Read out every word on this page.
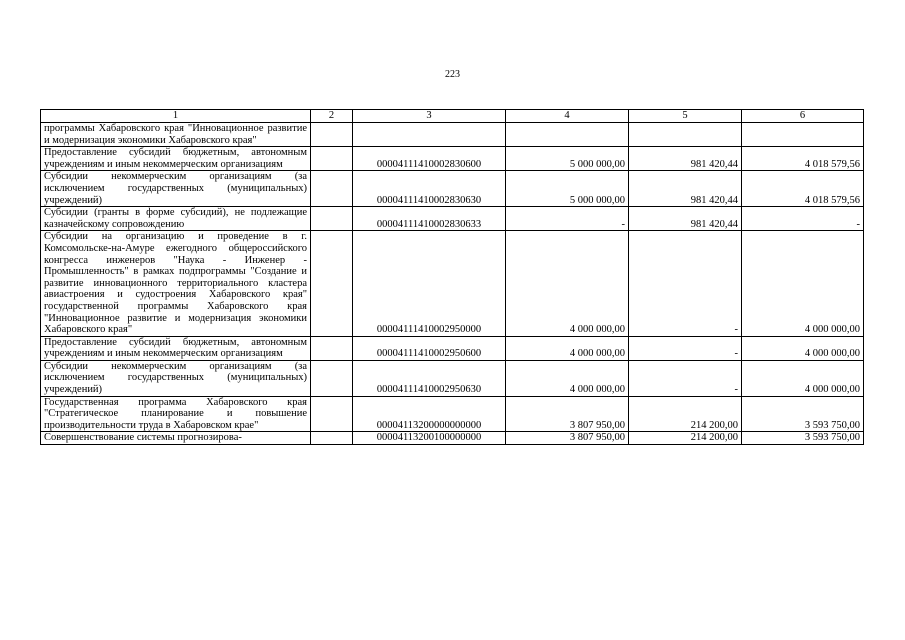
223
1	2	3	4	5	6
программы Хабаровского края "Инновационное развитие и модернизация экономики Хабаровского края"					
Предоставление субсидий бюджетным, автономным учреждениям и иным некоммерческим организациям		00004111410002830600	5 000 000,00	981 420,44	4 018 579,56
Субсидии некоммерческим организациям (за исключением государственных (муниципальных) учреждений)		00004111410002830630	5 000 000,00	981 420,44	4 018 579,56
Субсидии (гранты в форме субсидий), не подлежащие казначейскому сопровождению		00004111410002830633	-	981 420,44	-
Субсидии на организацию и проведение в г. Комсомольске-на-Амуре ежегодного общероссийского конгресса инженеров "Наука - Инженер - Промышленность" в рамках подпрограммы "Создание и развитие инновационного территориального кластера авиастроения и судостроения Хабаровского края" государственной программы Хабаровского края "Инновационное развитие и модернизация экономики Хабаровского края"		00004111410002950000	4 000 000,00	-	4 000 000,00
Предоставление субсидий бюджетным, автономным учреждениям и иным некоммерческим организациям		00004111410002950600	4 000 000,00	-	4 000 000,00
Субсидии некоммерческим организациям (за исключением государственных (муниципальных) учреждений)		00004111410002950630	4 000 000,00	-	4 000 000,00
Государственная программа Хабаровского края "Стратегическое планирование и повышение производительности труда в Хабаровском крае"		00004113200000000000	3 807 950,00	214 200,00	3 593 750,00
Совершенствование системы прогнозирова-		00004113200100000000	3 807 950,00	214 200,00	3 593 750,00
